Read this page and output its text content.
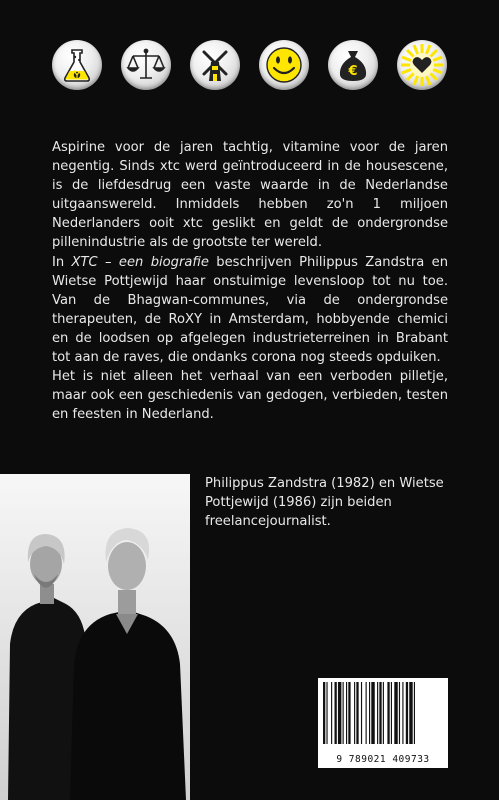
€

Aspirine voor de jaren tachtig, vitamine voor de jaren negentig. Sinds xtc werd geïntroduceerd in de housescene, is de liefdesdrug een vaste waarde in de Nederlandse uitgaanswereld. Inmiddels hebben zo'n 1 miljoen Nederlanders ooit xtc geslikt en geldt de ondergrondse pillenindustrie als de grootste ter wereld.

In XTC – een biografie beschrijven Philippus Zandstra en Wietse Pottjewijd haar onstuimige levensloop tot nu toe. Van de Bhagwan-communes, via de ondergrondse therapeuten, de RoXY in Amsterdam, hobbyende chemici en de loodsen op afgelegen industrieterreinen in Brabant tot aan de raves, die ondanks corona nog steeds opduiken.

Het is niet alleen het verhaal van een verboden pilletje, maar ook een geschiedenis van gedogen, verbieden, testen en feesten in Nederland.

Philippus Zandstra (1982) en Wietse Pottjewijd (1986) zijn beiden freelancejournalist.
9 789021 409733
